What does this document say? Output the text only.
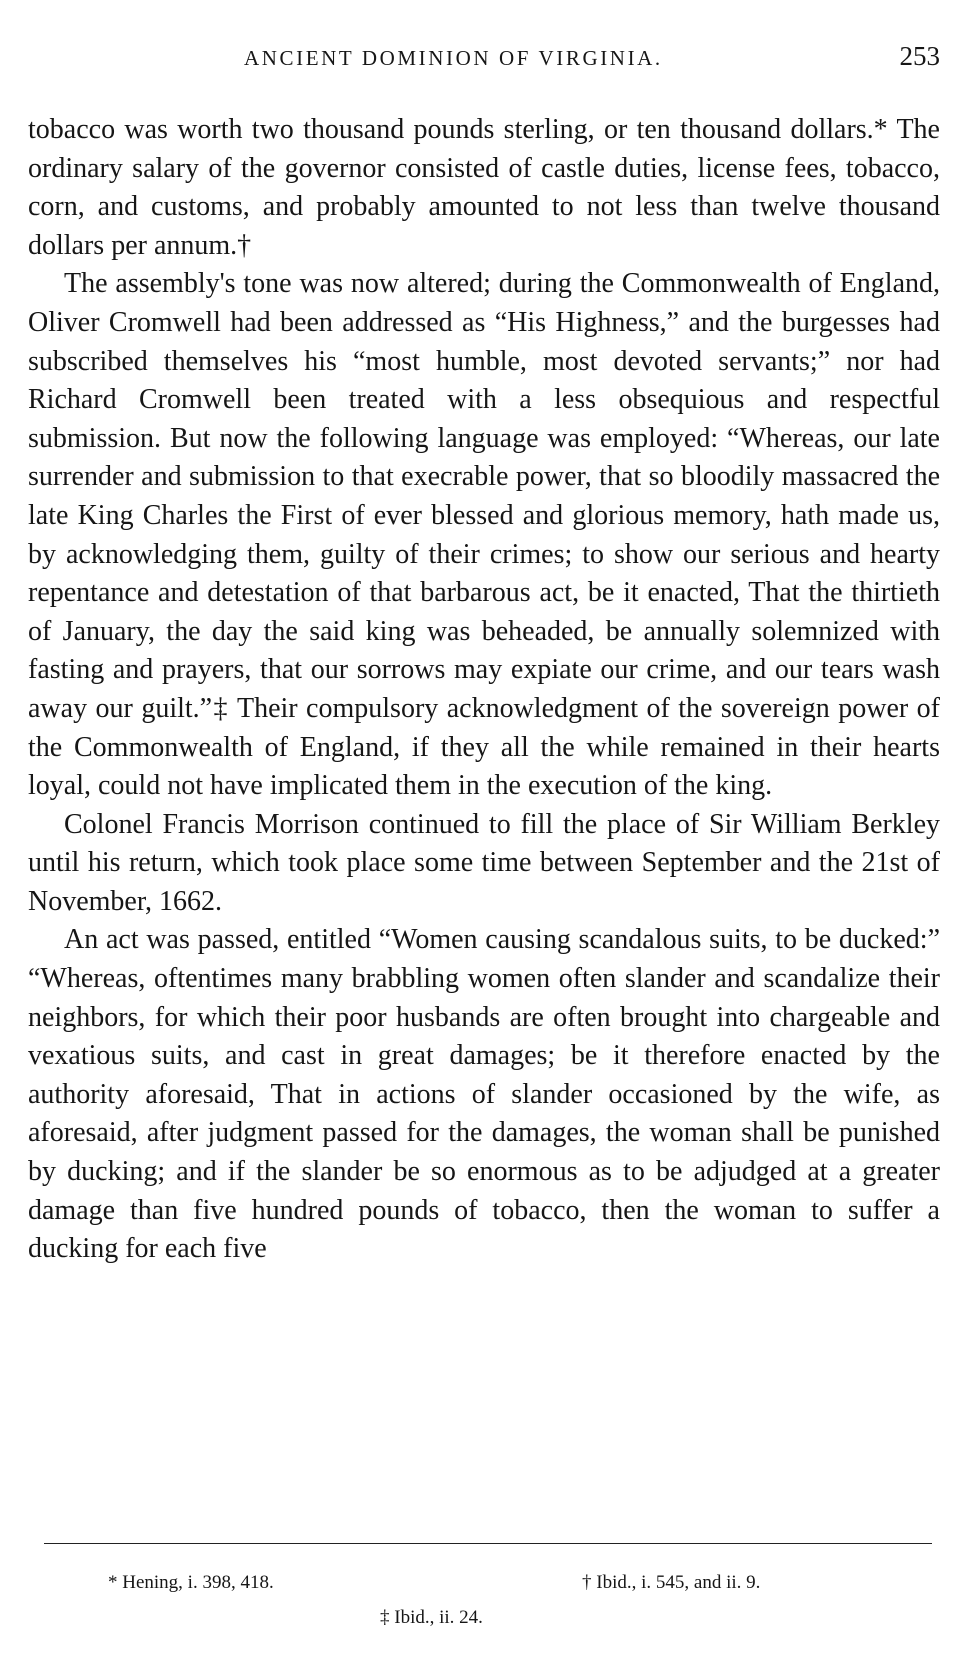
ANCIENT DOMINION OF VIRGINIA.	253

tobacco was worth two thousand pounds sterling, or ten thousand dollars.* The ordinary salary of the governor consisted of castle duties, license fees, tobacco, corn, and customs, and probably amounted to not less than twelve thousand dollars per annum.†

The assembly's tone was now altered; during the Commonwealth of England, Oliver Cromwell had been addressed as “His Highness,” and the burgesses had subscribed themselves his “most humble, most devoted servants;” nor had Richard Cromwell been treated with a less obsequious and respectful submission. But now the following language was employed: “Whereas, our late surrender and submission to that execrable power, that so bloodily massacred the late King Charles the First of ever blessed and glorious memory, hath made us, by acknowledging them, guilty of their crimes; to show our serious and hearty repentance and detestation of that barbarous act, be it enacted, That the thirtieth of January, the day the said king was beheaded, be annually solemnized with fasting and prayers, that our sorrows may expiate our crime, and our tears wash away our guilt.”‡ Their compulsory acknowledgment of the sovereign power of the Commonwealth of England, if they all the while remained in their hearts loyal, could not have implicated them in the execution of the king.

Colonel Francis Morrison continued to fill the place of Sir William Berkley until his return, which took place some time between September and the 21st of November, 1662.

An act was passed, entitled “Women causing scandalous suits, to be ducked:” “Whereas, oftentimes many brabbling women often slander and scandalize their neighbors, for which their poor husbands are often brought into chargeable and vexatious suits, and cast in great damages; be it therefore enacted by the authority aforesaid, That in actions of slander occasioned by the wife, as aforesaid, after judgment passed for the damages, the woman shall be punished by ducking; and if the slander be so enormous as to be adjudged at a greater damage than five hundred pounds of tobacco, then the woman to suffer a ducking for each five

* Hening, i. 398, 418.	† Ibid., i. 545, and ii. 9.
‡ Ibid., ii. 24.
